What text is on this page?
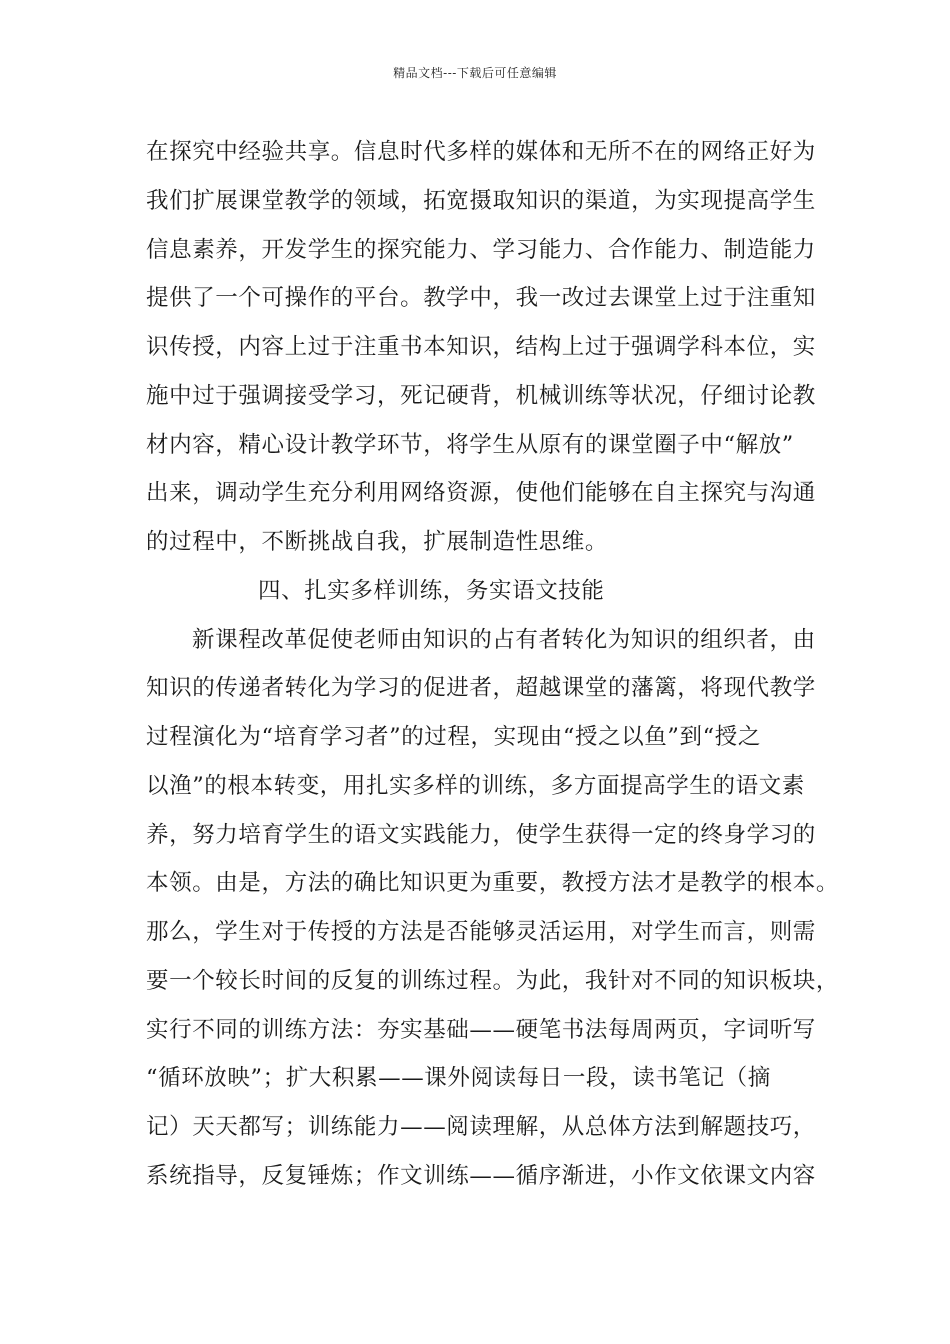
精品文档---下载后可任意编辑
在探究中经验共享。信息时代多样的媒体和无所不在的网络正好为
我们扩展课堂教学的领域，拓宽摄取知识的渠道，为实现提高学生
信息素养，开发学生的探究能力、学习能力、合作能力、制造能力
提供了一个可操作的平台。教学中，我一改过去课堂上过于注重知
识传授，内容上过于注重书本知识，结构上过于强调学科本位，实
施中过于强调接受学习，死记硬背，机械训练等状况，仔细讨论教
材内容，精心设计教学环节，将学生从原有的课堂圈子中“解放”
出来，调动学生充分利用网络资源，使他们能够在自主探究与沟通
的过程中，不断挑战自我，扩展制造性思维。
四、扎实多样训练，务实语文技能
新课程改革促使老师由知识的占有者转化为知识的组织者，由
知识的传递者转化为学习的促进者，超越课堂的藩篱，将现代教学
过程演化为“培育学习者”的过程，实现由“授之以鱼”到“授之
以渔”的根本转变，用扎实多样的训练，多方面提高学生的语文素
养，努力培育学生的语文实践能力，使学生获得一定的终身学习的
本领。由是，方法的确比知识更为重要，教授方法才是教学的根本。
那么，学生对于传授的方法是否能够灵活运用，对学生而言，则需
要一个较长时间的反复的训练过程。为此，我针对不同的知识板块，
实行不同的训练方法：夯实基础——硬笔书法每周两页，字词听写
“循环放映”；扩大积累——课外阅读每日一段，读书笔记（摘
记）天天都写；训练能力——阅读理解，从总体方法到解题技巧，
系统指导，反复锤炼；作文训练——循序渐进，小作文依课文内容
